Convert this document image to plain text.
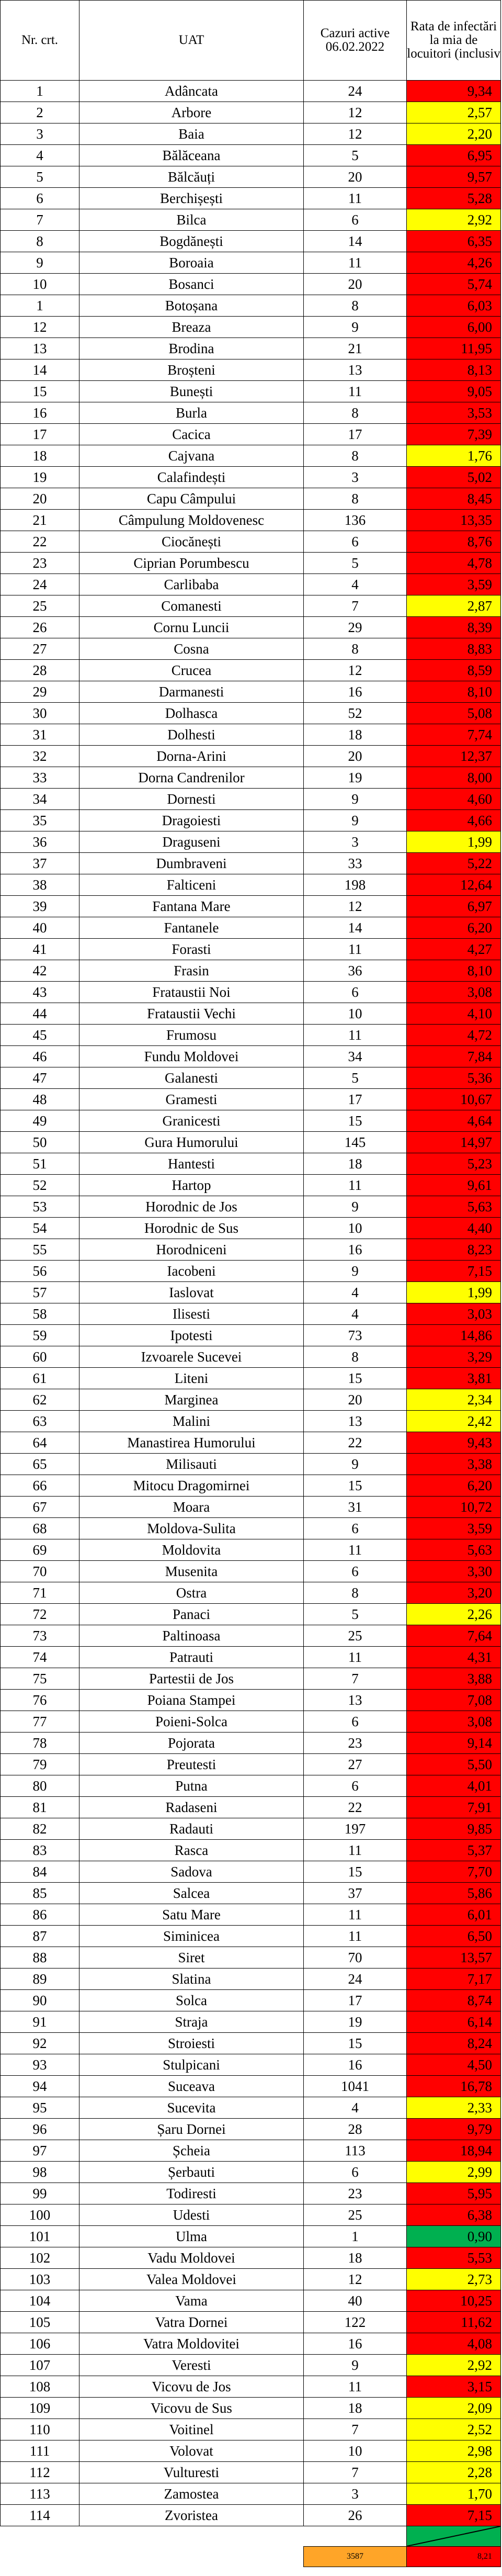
Nr. crt.	UAT	Cazuri active 06.02.2022	Rata de infectări la mia de locuitori (inclusiv
1	Adâncata	24	9,34
2	Arbore	12	2,57
3	Baia	12	2,20
4	Bălăceana	5	6,95
5	Bălcăuți	20	9,57
6	Berchișești	11	5,28
7	Bilca	6	2,92
8	Bogdănești	14	6,35
9	Boroaia	11	4,26
10	Bosanci	20	5,74
1	Botoșana	8	6,03
12	Breaza	9	6,00
13	Brodina	21	11,95
14	Broșteni	13	8,13
15	Bunești	11	9,05
16	Burla	8	3,53
17	Cacica	17	7,39
18	Cajvana	8	1,76
19	Calafindești	3	5,02
20	Capu Câmpului	8	8,45
21	Câmpulung Moldovenesc	136	13,35
22	Ciocănești	6	8,76
23	Ciprian Porumbescu	5	4,78
24	Carlibaba	4	3,59
25	Comanesti	7	2,87
26	Cornu Luncii	29	8,39
27	Cosna	8	8,83
28	Crucea	12	8,59
29	Darmanesti	16	8,10
30	Dolhasca	52	5,08
31	Dolhesti	18	7,74
32	Dorna-Arini	20	12,37
33	Dorna Candrenilor	19	8,00
34	Dornesti	9	4,60
35	Dragoiesti	9	4,66
36	Draguseni	3	1,99
37	Dumbraveni	33	5,22
38	Falticeni	198	12,64
39	Fantana Mare	12	6,97
40	Fantanele	14	6,20
41	Forasti	11	4,27
42	Frasin	36	8,10
43	Frataustii Noi	6	3,08
44	Frataustii Vechi	10	4,10
45	Frumosu	11	4,72
46	Fundu Moldovei	34	7,84
47	Galanesti	5	5,36
48	Gramesti	17	10,67
49	Granicesti	15	4,64
50	Gura Humorului	145	14,97
51	Hantesti	18	5,23
52	Hartop	11	9,61
53	Horodnic de Jos	9	5,63
54	Horodnic de Sus	10	4,40
55	Horodniceni	16	8,23
56	Iacobeni	9	7,15
57	Iaslovat	4	1,99
58	Ilisesti	4	3,03
59	Ipotesti	73	14,86
60	Izvoarele Sucevei	8	3,29
61	Liteni	15	3,81
62	Marginea	20	2,34
63	Malini	13	2,42
64	Manastirea Humorului	22	9,43
65	Milisauti	9	3,38
66	Mitocu Dragomirnei	15	6,20
67	Moara	31	10,72
68	Moldova-Sulita	6	3,59
69	Moldovita	11	5,63
70	Musenita	6	3,30
71	Ostra	8	3,20
72	Panaci	5	2,26
73	Paltinoasa	25	7,64
74	Patrauti	11	4,31
75	Partestii de Jos	7	3,88
76	Poiana Stampei	13	7,08
77	Poieni-Solca	6	3,08
78	Pojorata	23	9,14
79	Preutesti	27	5,50
80	Putna	6	4,01
81	Radaseni	22	7,91
82	Radauti	197	9,85
83	Rasca	11	5,37
84	Sadova	15	7,70
85	Salcea	37	5,86
86	Satu Mare	11	6,01
87	Siminicea	11	6,50
88	Siret	70	13,57
89	Slatina	24	7,17
90	Solca	17	8,74
91	Straja	19	6,14
92	Stroiesti	15	8,24
93	Stulpicani	16	4,50
94	Suceava	1041	16,78
95	Sucevita	4	2,33
96	Șaru Dornei	28	9,79
97	Șcheia	113	18,94
98	Șerbauti	6	2,99
99	Todiresti	23	5,95
100	Udesti	25	6,38
101	Ulma	1	0,90
102	Vadu Moldovei	18	5,53
103	Valea Moldovei	12	2,73
104	Vama	40	10,25
105	Vatra Dornei	122	11,62
106	Vatra Moldovitei	16	4,08
107	Veresti	9	2,92
108	Vicovu de Jos	11	3,15
109	Vicovu de Sus	18	2,09
110	Voitinel	7	2,52
111	Volovat	10	2,98
112	Vulturesti	7	2,28
113	Zamostea	3	1,70
114	Zvoristea	26	7,15

		3587	8,21
